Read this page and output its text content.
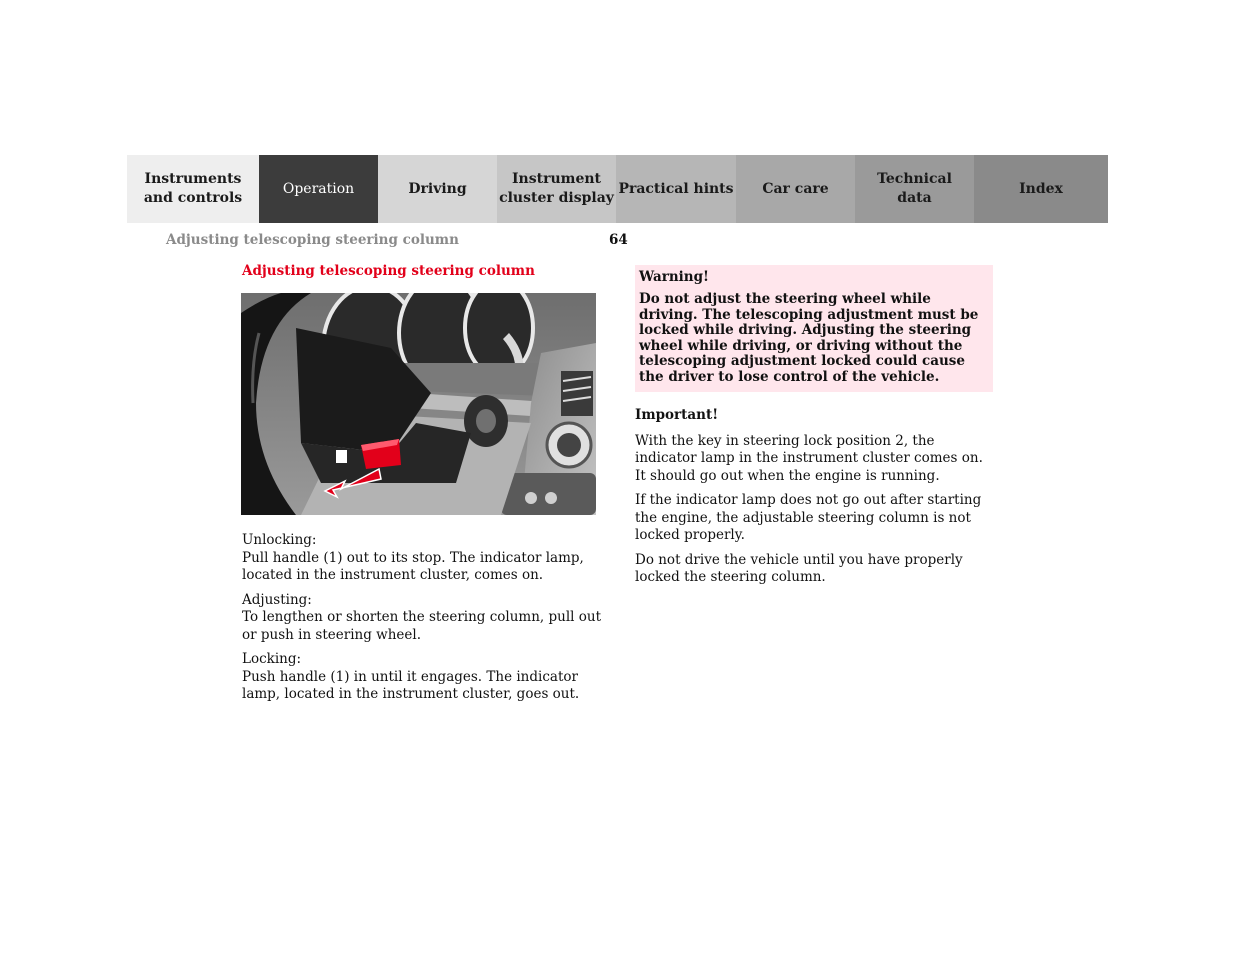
Instruments
and controls
Operation	Driving
Instrument
cluster display
Practical hints Car care
Technical
data
Index
Adjusting telescoping steering column	64
Adjusting telescoping steering column

Unlocking:
Pull handle (1) out to its stop. The indicator lamp, located in the instrument cluster, comes on.

Adjusting:
To lengthen or shorten the steering column, pull out or push in steering wheel.

Locking:
Push handle (1) in until it engages. The indicator lamp, located in the instrument cluster, goes out.

Warning!

Do not adjust the steering wheel while driving. The telescoping adjustment must be locked while driving. Adjusting the steering wheel while driving, or driving without the telescoping adjustment locked could cause the driver to lose control of the vehicle.

Important!

With the key in steering lock position 2, the indicator lamp in the instrument cluster comes on. It should go out when the engine is running.

If the indicator lamp does not go out after starting the engine, the adjustable steering column is not locked properly.

Do not drive the vehicle until you have properly locked the steering column.
